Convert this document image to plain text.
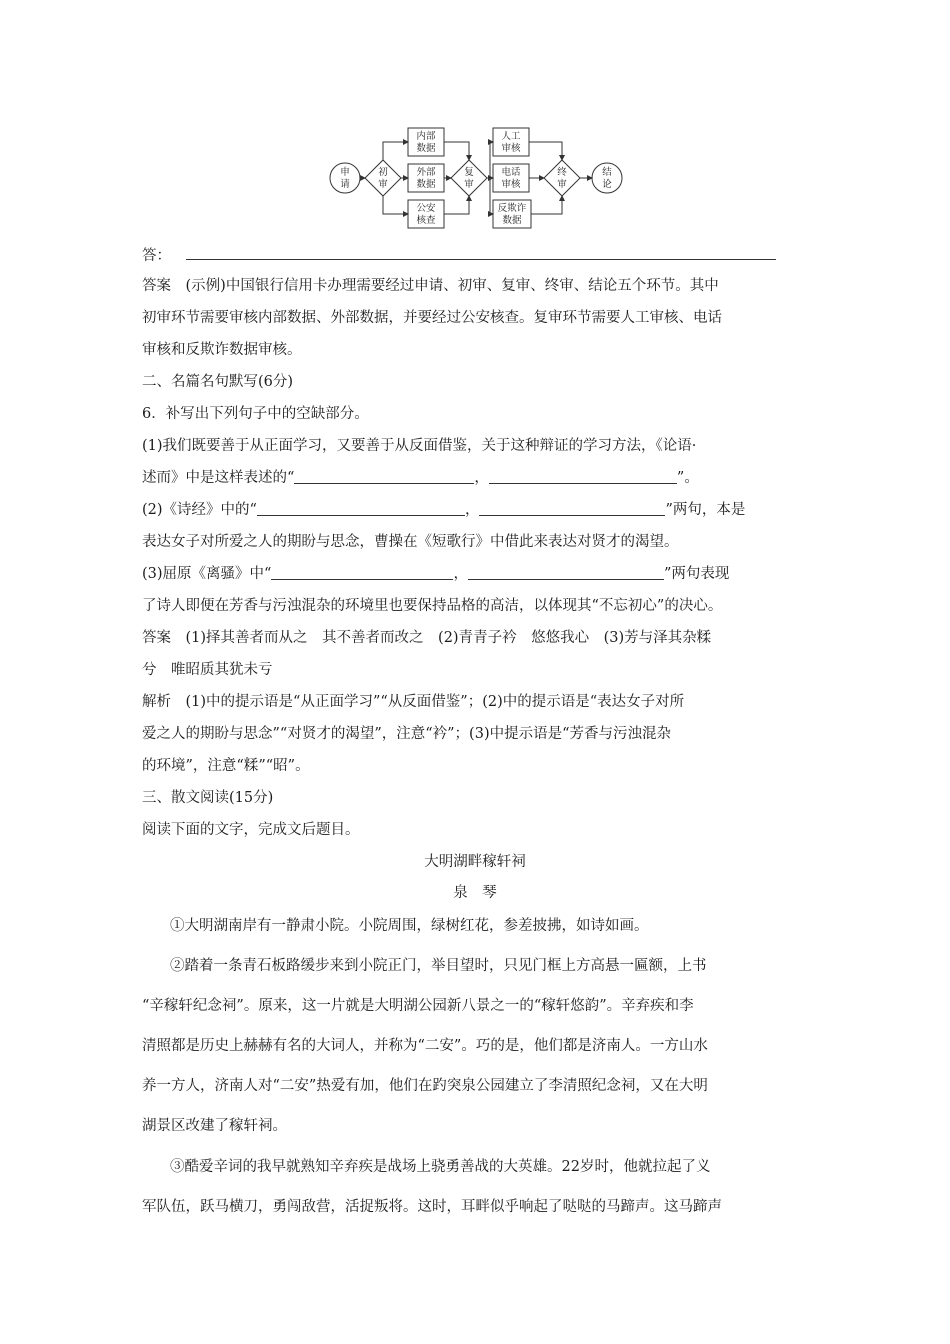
申
请
初
审
内部
数据
外部
数据
公安
核查
复
审
人工
审核
电话
审核
反欺诈
数据
终
审
结
论
答：
答案　(示例)中国银行信用卡办理需要经过申请、初审、复审、终审、结论五个环节。其中
初审环节需要审核内部数据、外部数据，并要经过公安核查。复审环节需要人工审核、电话
审核和反欺诈数据审核。
二、名篇名句默写(6分)
6．补写出下列句子中的空缺部分。
(1)我们既要善于从正面学习，又要善于从反面借鉴，关于这种辩证的学习方法，《论语·
述而》中是这样表述的“	，	”。
(2)《诗经》中的“	，	”两句，本是
表达女子对所爱之人的期盼与思念，曹操在《短歌行》中借此来表达对贤才的渴望。
(3)屈原《离骚》中“	，	”两句表现
了诗人即便在芳香与污浊混杂的环境里也要保持品格的高洁，以体现其“不忘初心”的决心。
答案　(1)择其善者而从之　其不善者而改之　(2)青青子衿　悠悠我心　(3)芳与泽其杂糅
兮　唯昭质其犹未亏
解析　(1)中的提示语是“从正面学习”“从反面借鉴”；(2)中的提示语是“表达女子对所
爱之人的期盼与思念”“对贤才的渴望”，注意“衿”；(3)中提示语是“芳香与污浊混杂
的环境”，注意“糅”“昭”。
三、散文阅读(15分)
阅读下面的文字，完成文后题目。
大明湖畔稼轩祠
泉　琴
①大明湖南岸有一静肃小院。小院周围，绿树红花，参差披拂，如诗如画。
②踏着一条青石板路缓步来到小院正门，举目望时，只见门框上方高悬一匾额，上书
“辛稼轩纪念祠”。原来，这一片就是大明湖公园新八景之一的“稼轩悠韵”。辛弃疾和李
清照都是历史上赫赫有名的大词人，并称为“二安”。巧的是，他们都是济南人。一方山水
养一方人，济南人对“二安”热爱有加，他们在趵突泉公园建立了李清照纪念祠，又在大明
湖景区改建了稼轩祠。
③酷爱辛词的我早就熟知辛弃疾是战场上骁勇善战的大英雄。22岁时，他就拉起了义
军队伍，跃马横刀，勇闯敌营，活捉叛将。这时，耳畔似乎响起了哒哒的马蹄声。这马蹄声
